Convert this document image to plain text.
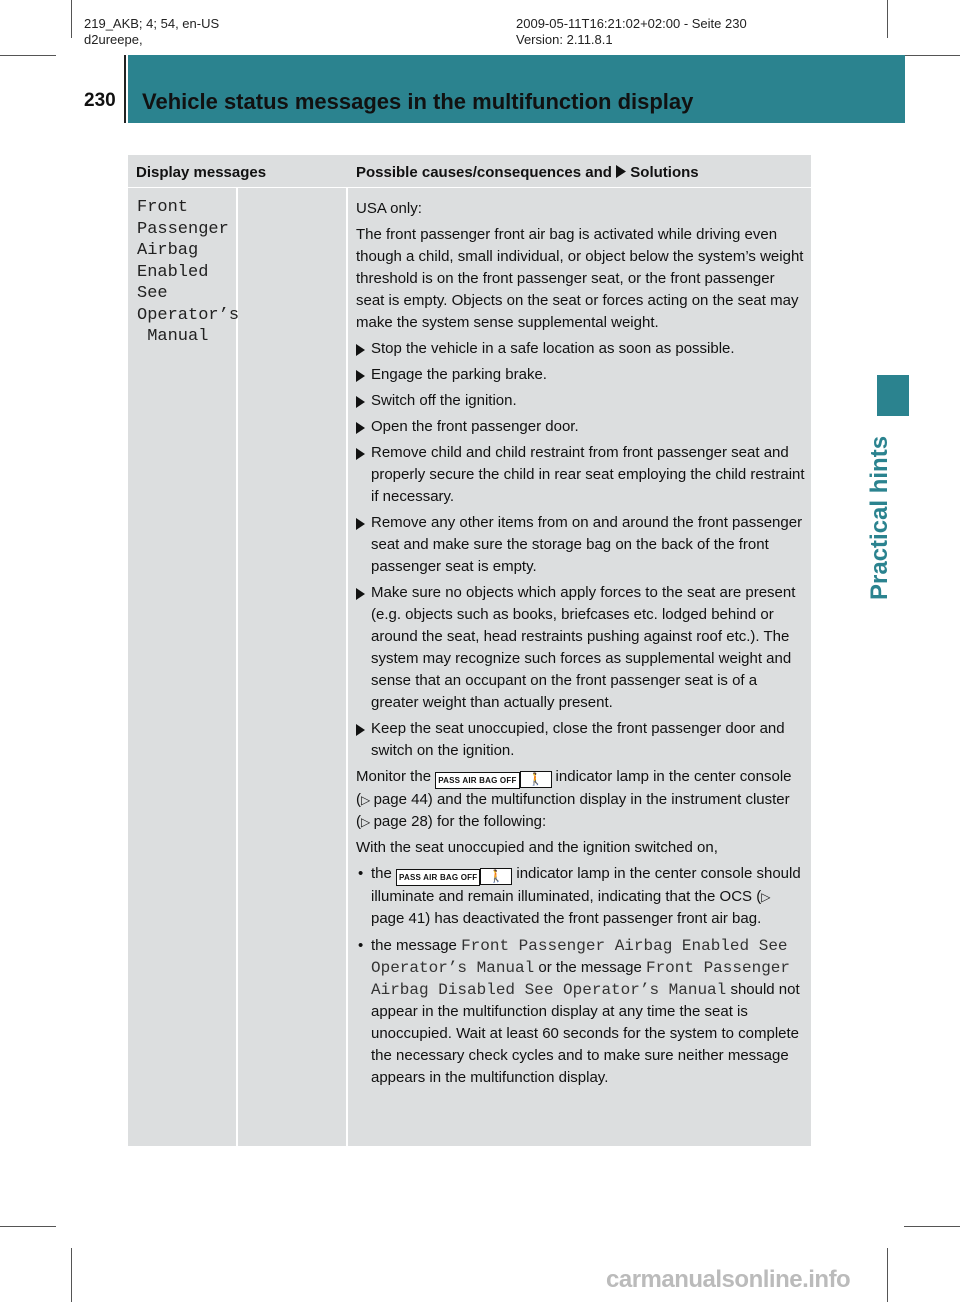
219_AKB; 4; 54, en-US
d2ureepe,
2009-05-11T16:21:02+02:00 - Seite 230
Version: 2.11.8.1
230 Vehicle status messages in the multifunction display
Practical hints
Display messages	Possible causes/consequences and Solutions
Front
Passenger
Airbag
Enabled
See
Operator’s
Manual

USA only:

The front passenger front air bag is activated while driving even though a child, small individual, or object below the system’s weight threshold is on the front passenger seat, or the front passenger seat is empty. Objects on the seat or forces acting on the seat may make the system sense supplemental weight.

Stop the vehicle in a safe location as soon as possible.
Engage the parking brake.
Switch off the ignition.
Open the front passenger door.
Remove child and child restraint from front passenger seat and properly secure the child in rear seat employing the child restraint if necessary.
Remove any other items from on and around the front passenger seat and make sure the storage bag on the back of the front passenger seat is empty.
Make sure no objects which apply forces to the seat are present (e.g. objects such as books, briefcases etc. lodged behind or around the seat, head restraints pushing against roof etc.). The system may recognize such forces as supplemental weight and sense that an occupant on the front passenger seat is of a greater weight than actually present.
Keep the seat unoccupied, close the front passenger door and switch on the ignition.

Monitor the PASS AIR BAG OFF 🚶 indicator lamp in the center console (▷ page 44) and the multifunction display in the instrument cluster (▷ page 28) for the following:

With the seat unoccupied and the ignition switched on,

• the PASS AIR BAG OFF 🚶 indicator lamp in the center console should illuminate and remain illuminated, indicating that the OCS (▷ page 41) has deactivated the front passenger front air bag.
• the message Front Passenger Airbag Enabled See Operator’s Manual or the message Front Passenger Airbag Disabled See Operator’s Manual should not appear in the multifunction display at any time the seat is unoccupied. Wait at least 60 seconds for the system to complete the necessary check cycles and to make sure neither message appears in the multifunction display.
carmanualsonline.info
